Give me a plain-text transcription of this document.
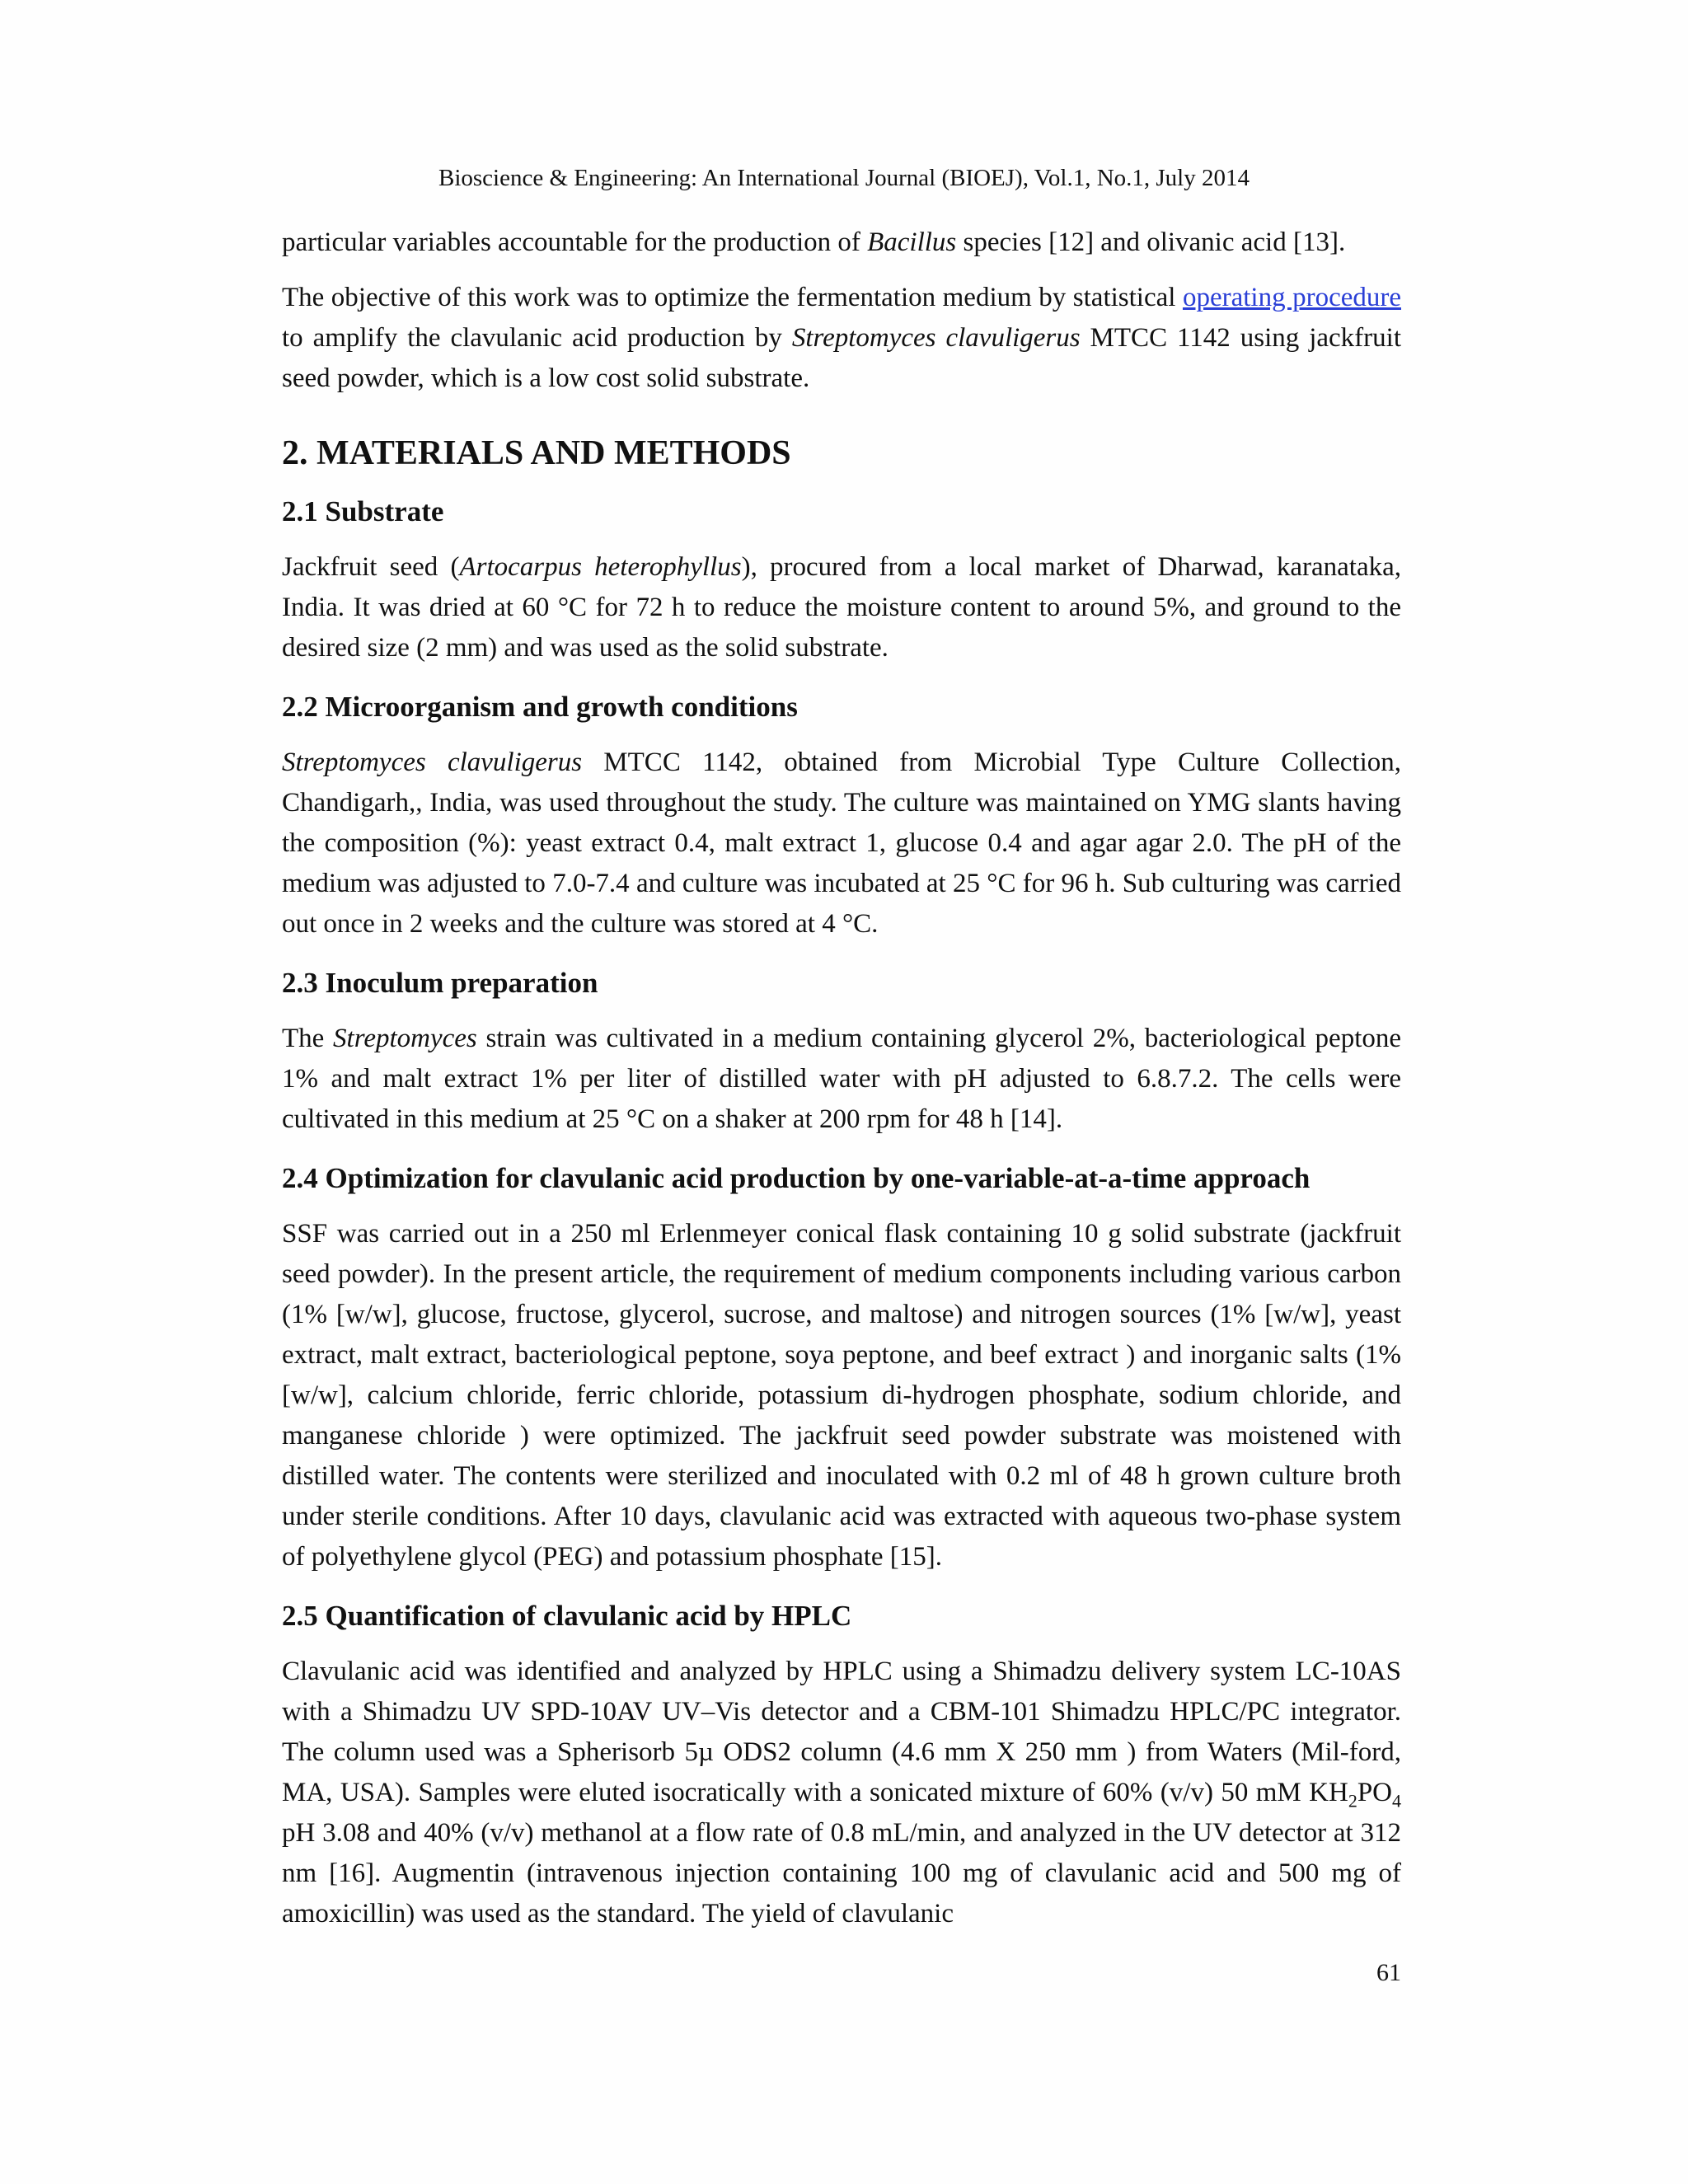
Bioscience & Engineering: An International Journal (BIOEJ), Vol.1, No.1, July 2014

particular variables accountable for the production of Bacillus species [12] and olivanic acid [13].

The objective of this work was to optimize the fermentation medium by statistical operating procedure to amplify the clavulanic acid production by Streptomyces clavuligerus MTCC 1142 using jackfruit seed powder, which is a low cost solid substrate.

2. MATERIALS AND METHODS
2.1 Substrate

Jackfruit seed (Artocarpus heterophyllus), procured from a local market of Dharwad, karanataka, India. It was dried at 60 °C for 72 h to reduce the moisture content to around 5%, and ground to the desired size (2 mm) and was used as the solid substrate.

2.2 Microorganism and growth conditions

Streptomyces clavuligerus MTCC 1142, obtained from Microbial Type Culture Collection, Chandigarh,, India, was used throughout the study. The culture was maintained on YMG slants having the composition (%): yeast extract 0.4, malt extract 1, glucose 0.4 and agar agar 2.0. The pH of the medium was adjusted to 7.0-7.4 and culture was incubated at 25 °C for 96 h. Sub culturing was carried out once in 2 weeks and the culture was stored at 4 °C.

2.3 Inoculum preparation

The Streptomyces strain was cultivated in a medium containing glycerol 2%, bacteriological peptone 1% and malt extract 1% per liter of distilled water with pH adjusted to 6.8.7.2. The cells were cultivated in this medium at 25 °C on a shaker at 200 rpm for 48 h [14].

2.4 Optimization for clavulanic acid production by one-variable-at-a-time approach

SSF was carried out in a 250 ml Erlenmeyer conical flask containing 10 g solid substrate (jackfruit seed powder). In the present article, the requirement of medium components including various carbon (1% [w/w], glucose, fructose, glycerol, sucrose, and maltose) and nitrogen sources (1% [w/w], yeast extract, malt extract, bacteriological peptone, soya peptone, and beef extract ) and inorganic salts (1% [w/w], calcium chloride, ferric chloride, potassium di-hydrogen phosphate, sodium chloride, and manganese chloride ) were optimized. The jackfruit seed powder substrate was moistened with distilled water. The contents were sterilized and inoculated with 0.2 ml of 48 h grown culture broth under sterile conditions. After 10 days, clavulanic acid was extracted with aqueous two-phase system of polyethylene glycol (PEG) and potassium phosphate [15].

2.5 Quantification of clavulanic acid by HPLC

Clavulanic acid was identified and analyzed by HPLC using a Shimadzu delivery system LC-10AS with a Shimadzu UV SPD-10AV UV–Vis detector and a CBM-101 Shimadzu HPLC/PC integrator. The column used was a Spherisorb 5µ ODS2 column (4.6 mm X 250 mm ) from Waters (Mil-ford, MA, USA). Samples were eluted isocratically with a sonicated mixture of 60% (v/v) 50 mM $KH_2PO_4$ pH 3.08 and 40% (v/v) methanol at a flow rate of 0.8 mL/min, and analyzed in the UV detector at 312 nm [16]. Augmentin (intravenous injection containing 100 mg of clavulanic acid and 500 mg of amoxicillin) was used as the standard. The yield of clavulanic

61
